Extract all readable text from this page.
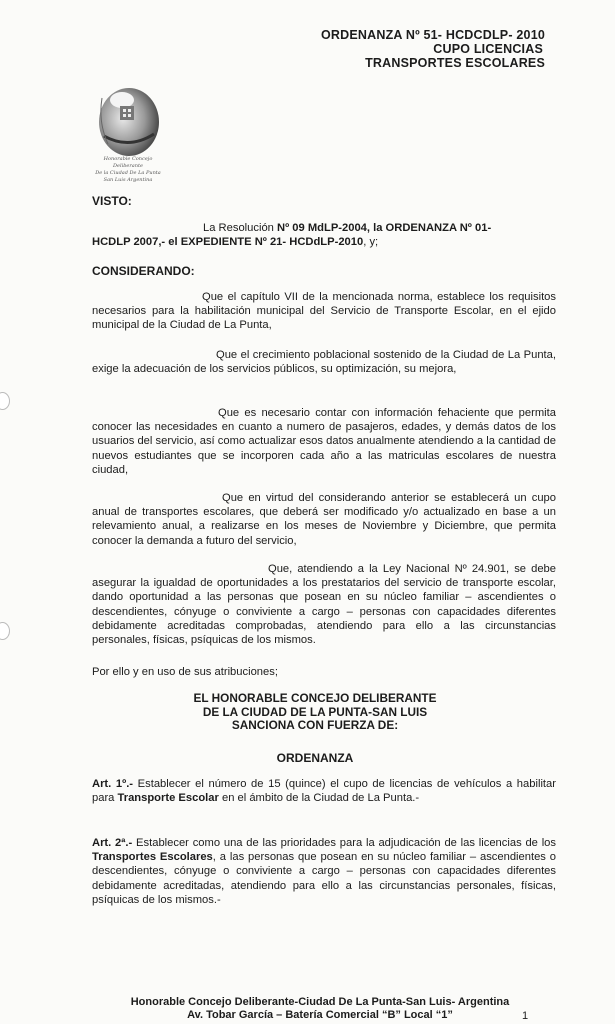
ORDENANZA Nº 51- HCDCDLP- 2010
CUPO LICENCIAS
TRANSPORTES ESCOLARES
Honorable Concejo Deliberante
De la Ciudad De La Punta
San Luis Argentina
VISTO:
La Resolución Nº 09 MdLP-2004, la ORDENANZA Nº 01-
HCDLP 2007,- el EXPEDIENTE Nº 21- HCDdLP-2010, y;
CONSIDERANDO:
Que el capítulo VII de la mencionada norma, establece los requisitos necesarios para la habilitación municipal del Servicio de Transporte Escolar, en el ejido municipal de la Ciudad de La Punta,
Que el crecimiento poblacional sostenido de la Ciudad de La Punta, exige la adecuación de los servicios públicos, su optimización, su mejora,
Que es necesario contar con información fehaciente que permita conocer las necesidades en cuanto a numero de pasajeros, edades, y demás datos de los usuarios del servicio, así como actualizar esos datos anualmente atendiendo a la cantidad de nuevos estudiantes que se incorporen cada año a las matriculas escolares de nuestra ciudad,
Que en virtud del considerando anterior se establecerá un cupo anual de transportes escolares, que deberá ser modificado y/o actualizado en base a un relevamiento anual, a realizarse en los meses de Noviembre y Diciembre, que permita conocer la demanda a futuro del servicio,
Que, atendiendo a la Ley Nacional Nº 24.901, se debe asegurar la igualdad de oportunidades a los prestatarios del servicio de transporte escolar, dando oportunidad a las personas que posean en su núcleo familiar – ascendientes o descendientes, cónyuge o conviviente a cargo – personas con capacidades diferentes debidamente acreditadas comprobadas, atendiendo para ello a las circunstancias personales, físicas, psíquicas de los mismos.
Por ello y en uso de sus atribuciones;
EL HONORABLE CONCEJO DELIBERANTE
DE LA CIUDAD DE LA PUNTA-SAN LUIS
SANCIONA CON FUERZA DE:
ORDENANZA
Art. 1º.- Establecer el número de 15 (quince) el cupo de licencias de vehículos a habilitar para Transporte Escolar en el ámbito de la Ciudad de La Punta.-
Art. 2ª.- Establecer como una de las prioridades para la adjudicación de las licencias de los Transportes Escolares, a las personas que posean en su núcleo familiar – ascendientes o descendientes, cónyuge o conviviente a cargo – personas con capacidades diferentes debidamente acreditadas, atendiendo para ello a las circunstancias personales, físicas, psíquicas de los mismos.-
Honorable Concejo Deliberante-Ciudad De La Punta-San Luis- Argentina
Av. Tobar García – Batería Comercial “B” Local “1”	1
